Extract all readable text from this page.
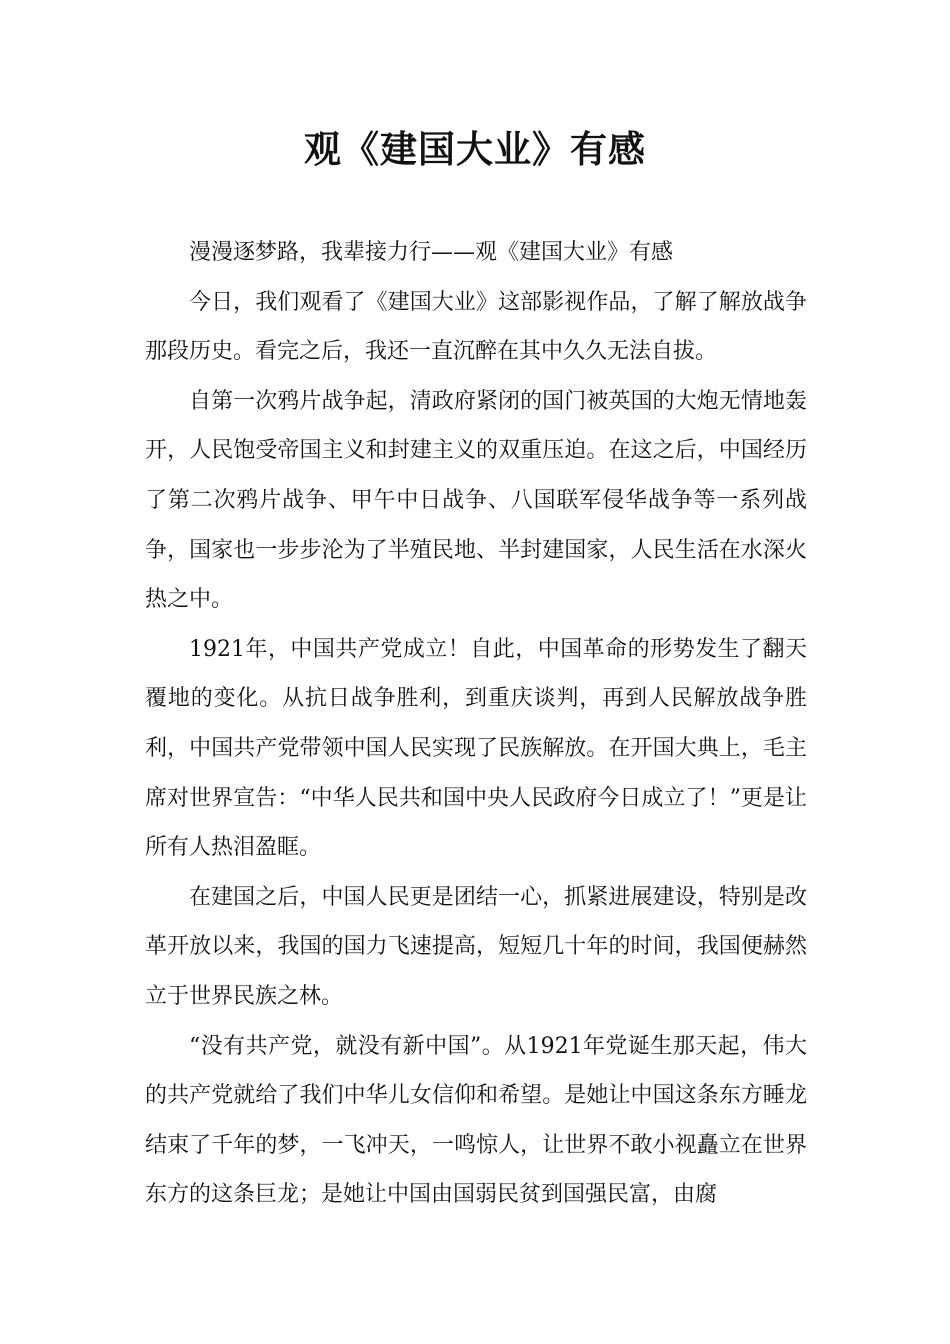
观《建国大业》有感

漫漫逐梦路，我辈接力行——观《建国大业》有感

今日，我们观看了《建国大业》这部影视作品，了解了解放战争那段历史。看完之后，我还一直沉醉在其中久久无法自拔。

自第一次鸦片战争起，清政府紧闭的国门被英国的大炮无情地轰开，人民饱受帝国主义和封建主义的双重压迫。在这之后，中国经历了第二次鸦片战争、甲午中日战争、八国联军侵华战争等一系列战争，国家也一步步沦为了半殖民地、半封建国家，人民生活在水深火热之中。

1921年，中国共产党成立！自此，中国革命的形势发生了翻天覆地的变化。从抗日战争胜利，到重庆谈判，再到人民解放战争胜利，中国共产党带领中国人民实现了民族解放。在开国大典上，毛主席对世界宣告：“中华人民共和国中央人民政府今日成立了！”更是让所有人热泪盈眶。

在建国之后，中国人民更是团结一心，抓紧进展建设，特别是改革开放以来，我国的国力飞速提高，短短几十年的时间，我国便赫然立于世界民族之林。

“没有共产党，就没有新中国”。从1921年党诞生那天起，伟大的共产党就给了我们中华儿女信仰和希望。是她让中国这条东方睡龙结束了千年的梦，一飞冲天，一鸣惊人，让世界不敢小视矗立在世界东方的这条巨龙；是她让中国由国弱民贫到国强民富，由腐
